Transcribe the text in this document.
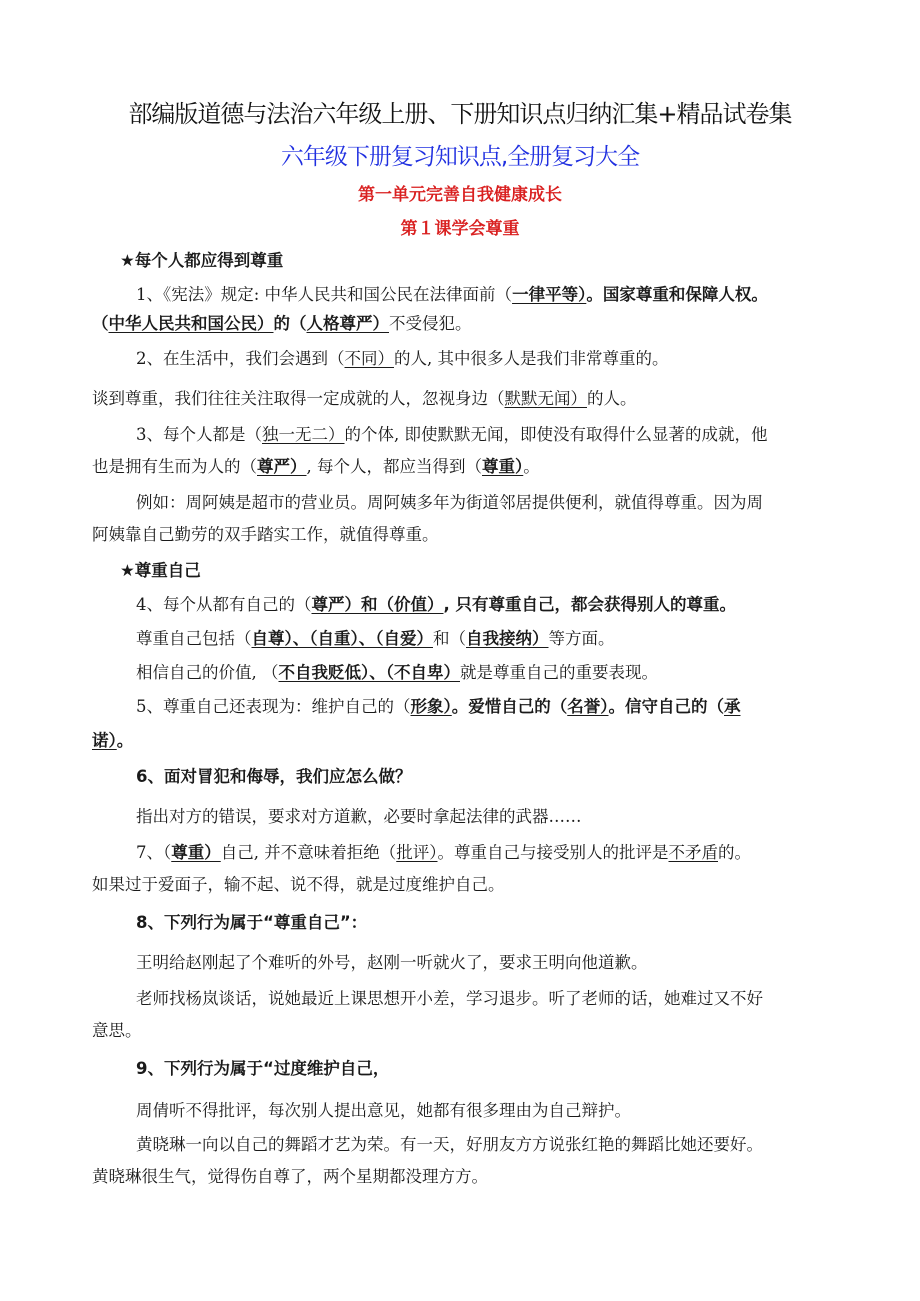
部编版道德与法治六年级上册、下册知识点归纳汇集+精品试卷集
六年级下册复习知识点,全册复习大全
第一单元完善自我健康成长
第１课学会尊重
★每个人都应得到尊重
1、《宪法》规定: 中华人民共和国公民在法律面前（一律平等）。国家尊重和保障人权。
（中华人民共和国公民）的（人格尊严）不受侵犯。
2、在生活中，我们会遇到（不同）的人, 其中很多人是我们非常尊重的。
谈到尊重，我们往往关注取得一定成就的人，忽视身边（默默无闻）的人。
3、每个人都是（独一无二）的个体, 即使默默无闻，即使没有取得什么显著的成就，他
也是拥有生而为人的（尊严）, 每个人，都应当得到（尊重）。
例如：周阿姨是超市的营业员。周阿姨多年为街道邻居提供便利，就值得尊重。因为周
阿姨靠自己勤劳的双手踏实工作，就值得尊重。
★尊重自己
4、每个从都有自己的（尊严）和（价值）, 只有尊重自己，都会获得别人的尊重。
尊重自己包括（自尊）、（自重）、（自爱）和（自我接纳）等方面。
相信自己的价值, （不自我贬低）、（不自卑）就是尊重自己的重要表现。
5、尊重自己还表现为：维护自己的（形象）。爱惜自己的（名誉）。信守自己的（承
诺）。
6、面对冒犯和侮辱，我们应怎么做？
指出对方的错误，要求对方道歉，必要时拿起法律的武器……
7、（尊重）自己, 并不意味着拒绝（批评）。尊重自己与接受别人的批评是不矛盾的。
如果过于爱面子，输不起、说不得，就是过度维护自己。
8、下列行为属于“尊重自己”：
王明给赵刚起了个难听的外号，赵刚一听就火了，要求王明向他道歉。
老师找杨岚谈话，说她最近上课思想开小差，学习退步。听了老师的话，她难过又不好
意思。
9、下列行为属于“过度维护自己，
周倩听不得批评，每次别人提出意见，她都有很多理由为自己辩护。
黄晓琳一向以自己的舞蹈才艺为荣。有一天，好朋友方方说张红艳的舞蹈比她还要好。
黄晓琳很生气，觉得伤自尊了，两个星期都没理方方。
